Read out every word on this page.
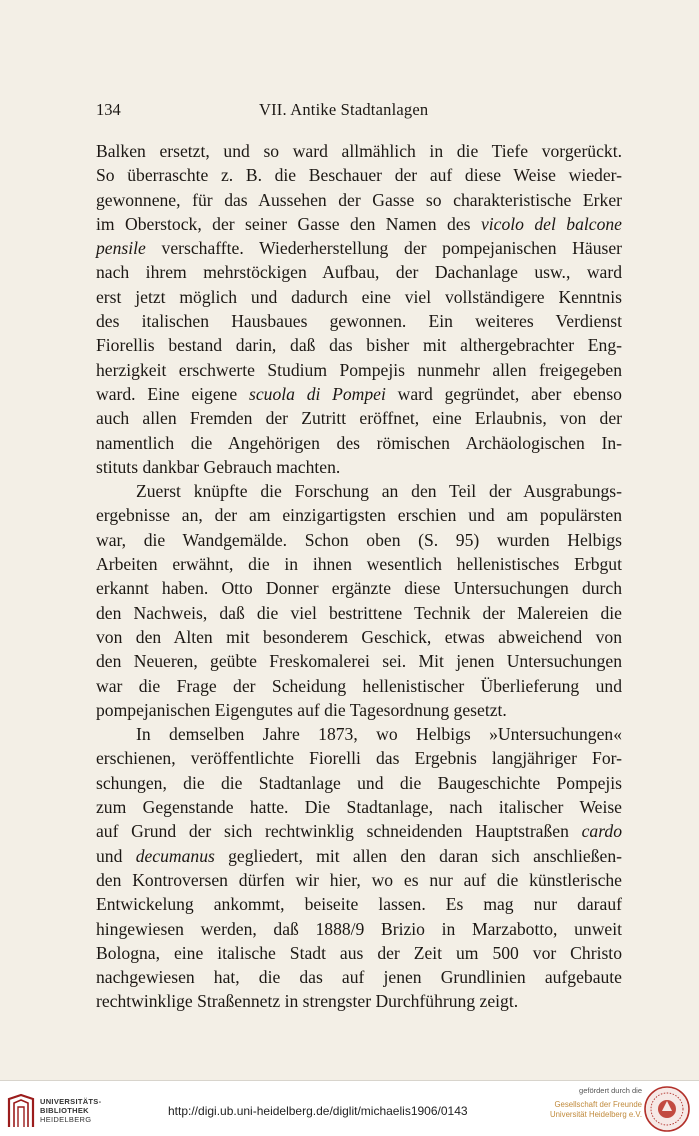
134	VII. Antike Stadtanlagen
Balken ersetzt, und so ward allmählich in die Tiefe vorgerückt.
So überraschte z. B. die Beschauer der auf diese Weise wieder-
gewonnene, für das Aussehen der Gasse so charakteristische Erker
im Oberstock, der seiner Gasse den Namen des vicolo del balcone
pensile verschaffte. Wiederherstellung der pompejanischen Häuser
nach ihrem mehrstöckigen Aufbau, der Dachanlage usw., ward
erst jetzt möglich und dadurch eine viel vollständigere Kenntnis
des italischen Hausbaues gewonnen. Ein weiteres Verdienst
Fiorellis bestand darin, daß das bisher mit althergebrachter Eng-
herzigkeit erschwerte Studium Pompejis nunmehr allen freigegeben
ward. Eine eigene scuola di Pompei ward gegründet, aber ebenso
auch allen Fremden der Zutritt eröffnet, eine Erlaubnis, von der
namentlich die Angehörigen des römischen Archäologischen In-
stituts dankbar Gebrauch machten.
Zuerst knüpfte die Forschung an den Teil der Ausgrabungs-
ergebnisse an, der am einzigartigsten erschien und am populärsten
war, die Wandgemälde. Schon oben (S. 95) wurden Helbigs
Arbeiten erwähnt, die in ihnen wesentlich hellenistisches Erbgut
erkannt haben. Otto Donner ergänzte diese Untersuchungen durch
den Nachweis, daß die viel bestrittene Technik der Malereien die
von den Alten mit besonderem Geschick, etwas abweichend von
den Neueren, geübte Freskomalerei sei. Mit jenen Untersuchungen
war die Frage der Scheidung hellenistischer Überlieferung und
pompejanischen Eigengutes auf die Tagesordnung gesetzt.
In demselben Jahre 1873, wo Helbigs »Untersuchungen«
erschienen, veröffentlichte Fiorelli das Ergebnis langjähriger For-
schungen, die die Stadtanlage und die Baugeschichte Pompejis
zum Gegenstande hatte. Die Stadtanlage, nach italischer Weise
auf Grund der sich rechtwinklig schneidenden Hauptstraßen cardo
und decumanus gegliedert, mit allen den daran sich anschließen-
den Kontroversen dürfen wir hier, wo es nur auf die künstlerische
Entwickelung ankommt, beiseite lassen. Es mag nur darauf
hingewiesen werden, daß 1888/9 Brizio in Marzabotto, unweit
Bologna, eine italische Stadt aus der Zeit um 500 vor Christo
nachgewiesen hat, die das auf jenen Grundlinien aufgebaute
rechtwinklige Straßennetz in strengster Durchführung zeigt.
UNIVERSITÄTS-
BIBLIOTHEK
HEIDELBERG
http://digi.ub.uni-heidelberg.de/diglit/michaelis1906/0143
gefördert durch die
Gesellschaft der Freunde
Universität Heidelberg e.V.
